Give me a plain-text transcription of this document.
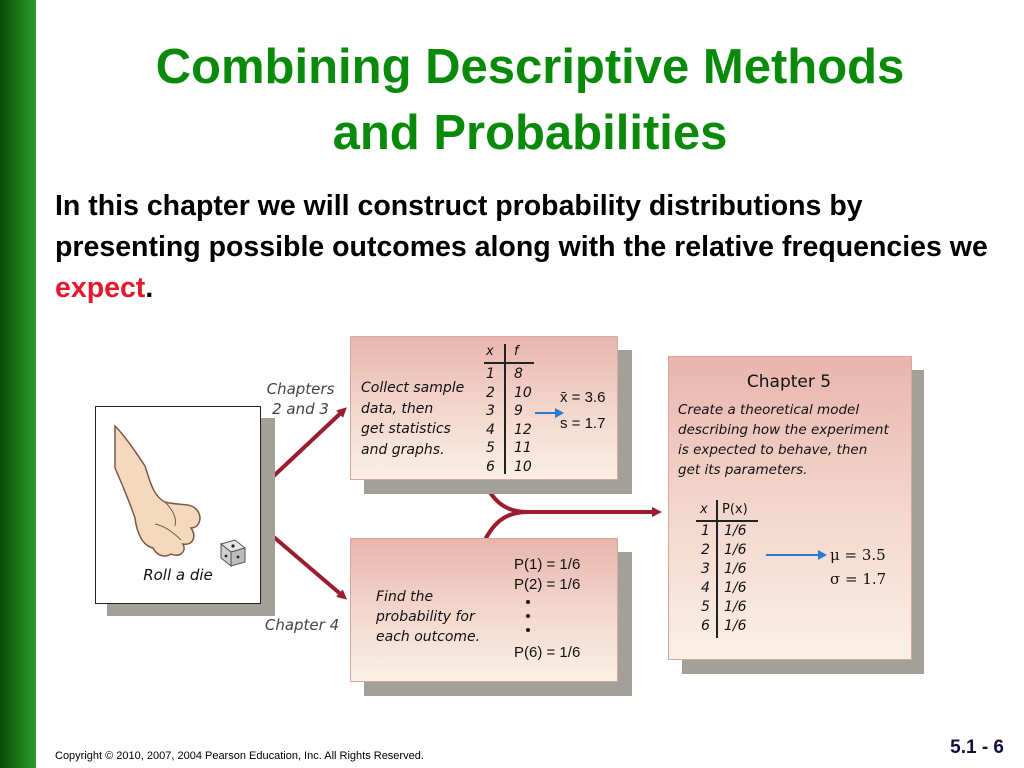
Combining Descriptive Methods
and Probabilities
In this chapter we will construct probability distributions by presenting possible outcomes along with the relative frequencies we expect.
Roll a die
Chapters
2 and 3
Chapter 4
Collect sample
data, then
get statistics
and graphs.
x f
1 8
2 10
3 9
4 12
5 11
6 10
x̄ = 3.6
s = 1.7
Find the
probability for
each outcome.
P(1) = 1/6
P(2) = 1/6
P(6) = 1/6
Chapter 5
Create a theoretical model
describing how the experiment
is expected to behave, then
get its parameters.
x P(x)
1 1/6
2 1/6
3 1/6
4 1/6
5 1/6
6 1/6
μ = 3.5
σ = 1.7
Copyright © 2010, 2007, 2004 Pearson Education, Inc. All Rights Reserved.	5.1 - 6
